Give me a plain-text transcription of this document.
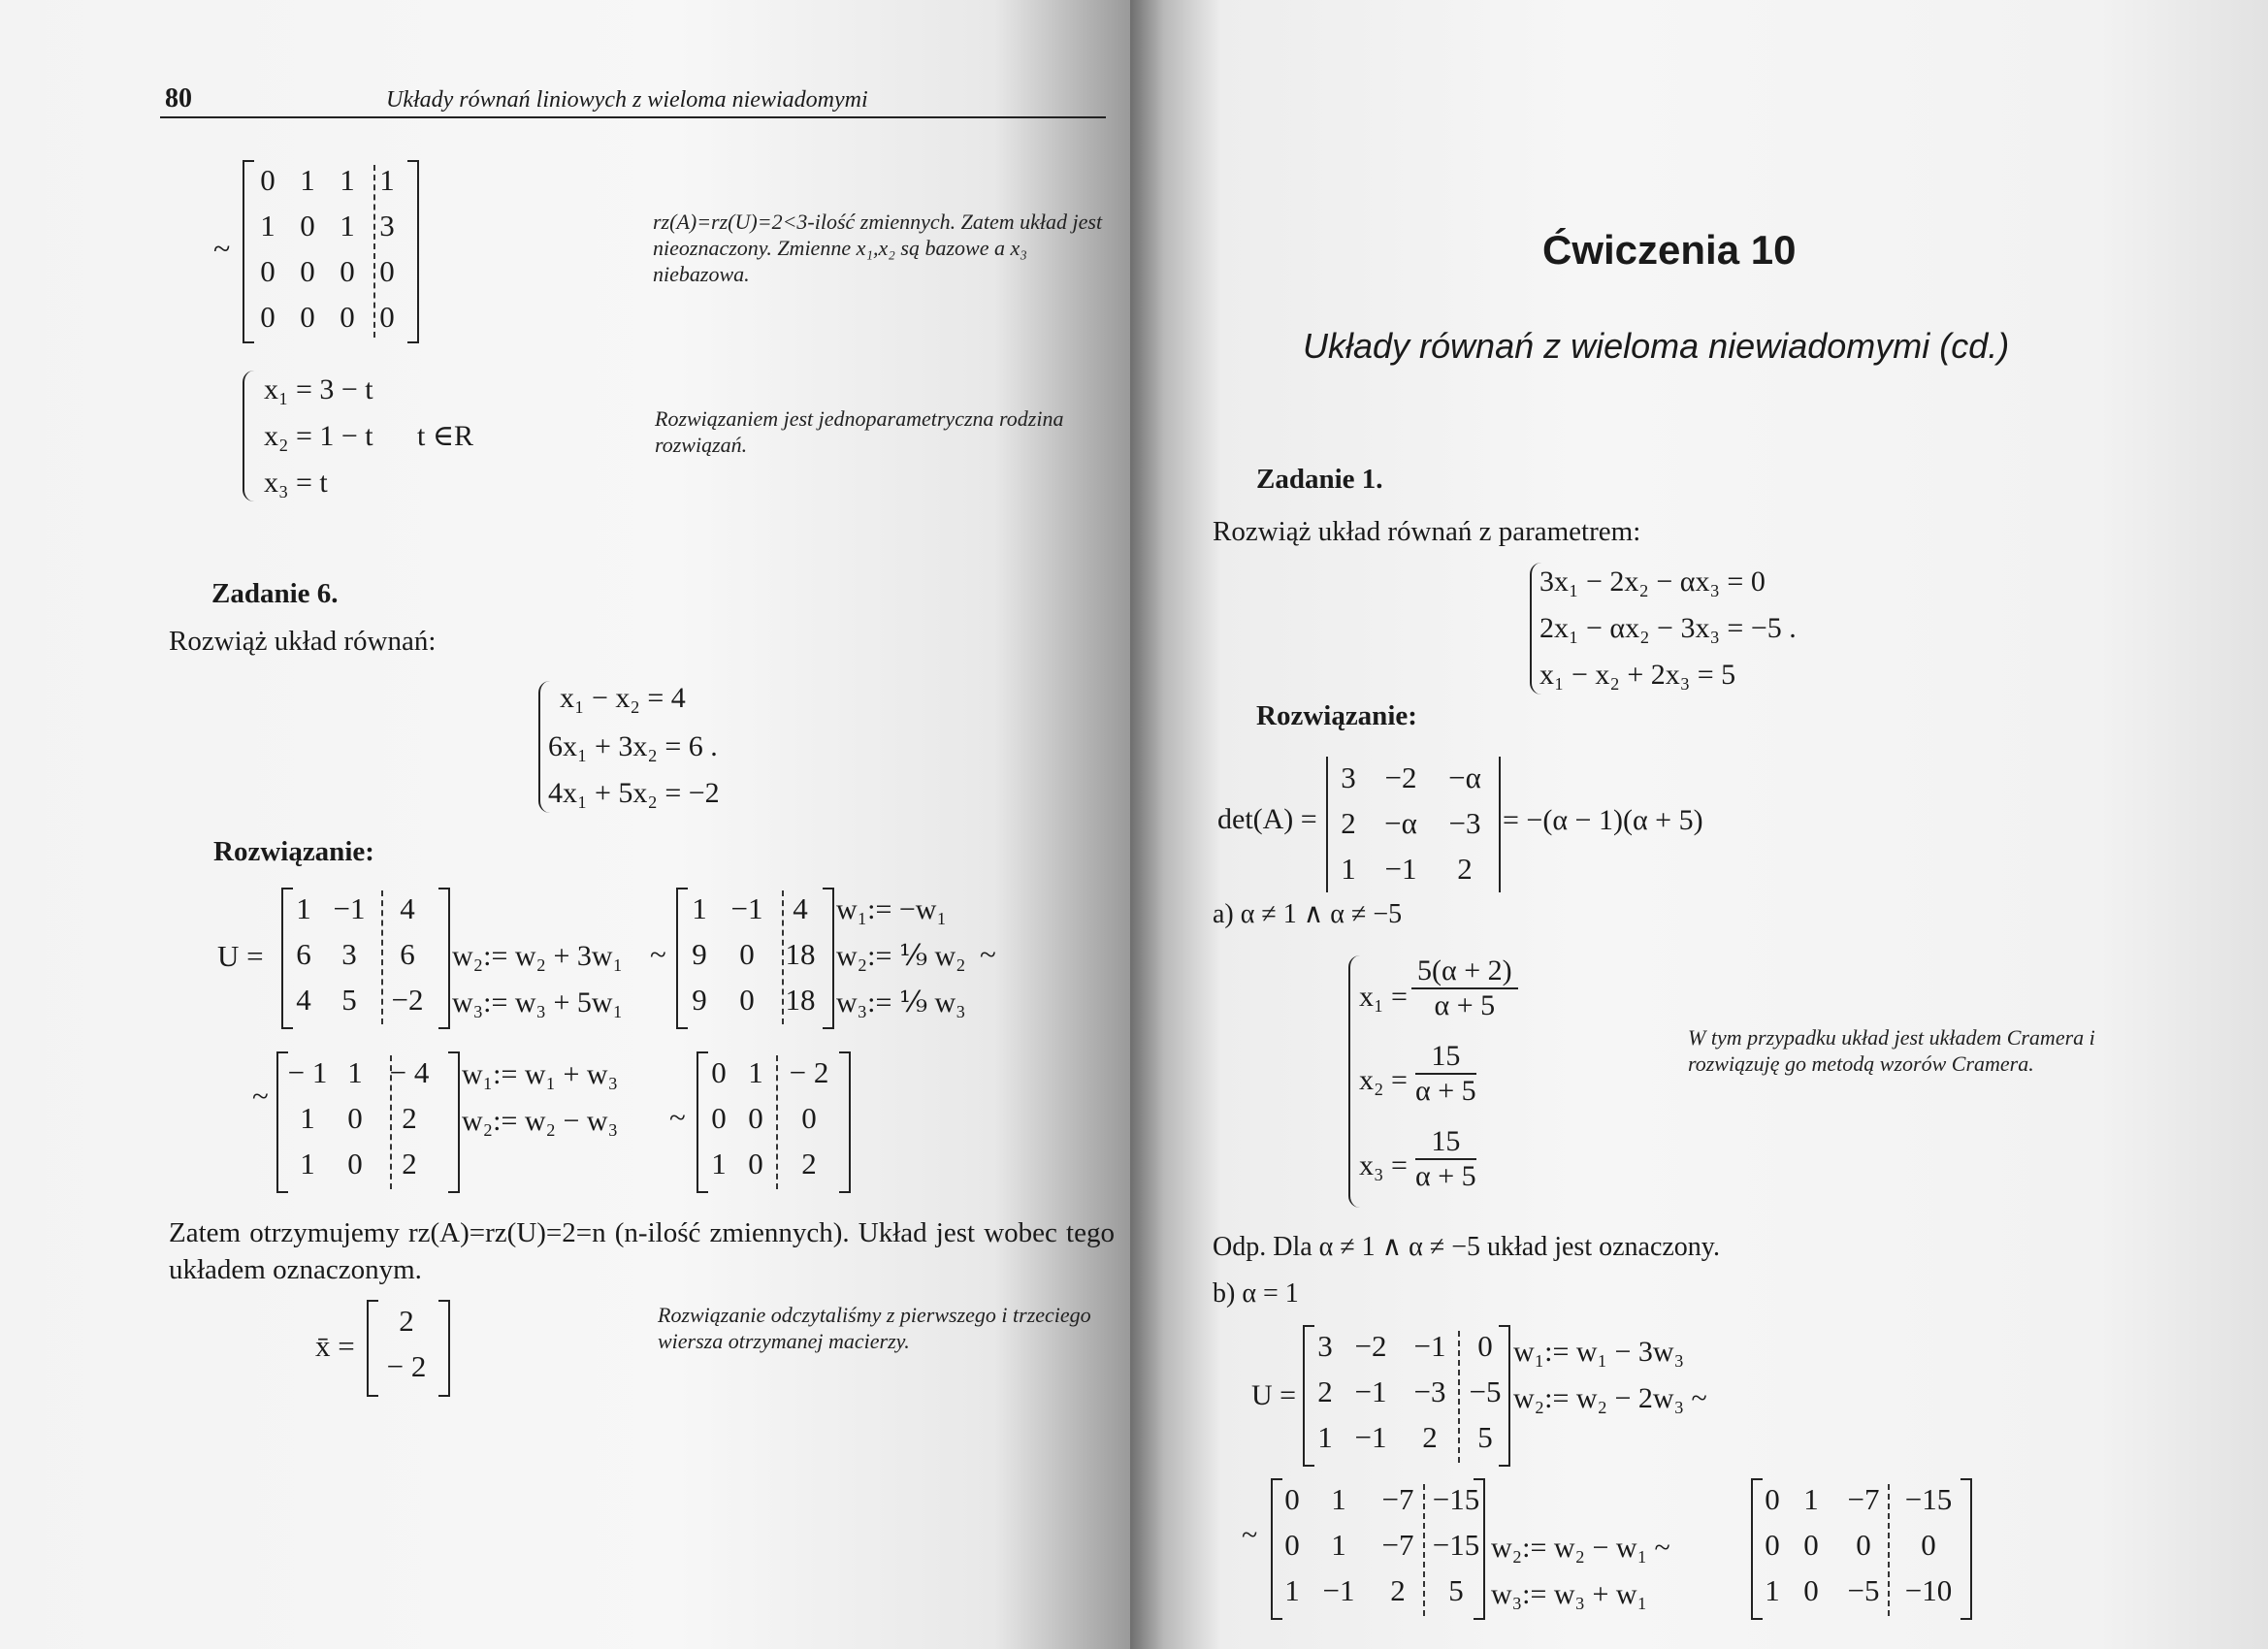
80	Układy równań liniowych z wieloma niewiadomymi
~
0 1 1 1
1 0 1 3
0 0 0 0
0 0 0 0
rz(A)=rz(U)=2<3-ilość zmiennych. Zatem układ jest nieoznaczony. Zmienne x₁,x₂ są bazowe a x₃ niebazowa.
x₁ = 3 − t
x₂ = 1 − t t ∈R
x₃ = t
Rozwiązaniem jest jednoparametryczna rodzina rozwiązań.
Zadanie 6.
Rozwiąż układ równań:
x₁ − x₂ = 4
6x₁ + 3x₂ = 6 .
4x₁ + 5x₂ = −2
Rozwiązanie:
U =
1 −1	4
6	3	6
4	5	−2
w₂:= w₂ + 3w₁
w₃:= w₃ + 5w₁
~
1 −1 4
9	0	18
9	0	18
w₁:= −w₁
w₂:= ⅑ w₂ ~
w₃:= ⅑ w₃
~
− 1 1 − 4
1	0	2
1	0	2
w₁:= w₁ + w₃
w₂:= w₂ − w₃ ~
0 1 − 2
0 0	0
1 0	2
Zatem otrzymujemy rz(A)=rz(U)=2=n (n-ilość zmiennych). Układ jest wobec tego układem oznaczonym.
x̄ =
2
− 2
Rozwiązanie odczytaliśmy z pierwszego i trzeciego wiersza otrzymanej macierzy.
Ćwiczenia 10
Układy równań z wieloma niewiadomymi (cd.)
Zadanie 1.
Rozwiąż układ równań z parametrem:
3x₁ − 2x₂ − αx₃ = 0
2x₁ − αx₂ − 3x₃ = −5 .
x₁ − x₂ + 2x₃ = 5
Rozwiązanie:
det(A) =
3 −2	−α
2 −α	−3
1 −1	2
= −(α − 1)(α + 5)
a) α ≠ 1 ∧ α ≠ −5
$x_1 = \frac{5(\alpha + 2)}{\alpha + 5}$
$x_2 = \frac{15}{\alpha + 5}$
$x_3 = \frac{15}{\alpha + 5}$
W tym przypadku układ jest układem Cramera i rozwiązuję go metodą wzorów Cramera.
Odp. Dla α ≠ 1 ∧ α ≠ −5 układ jest oznaczony.
b) α = 1
U =
3 −2 −1	0
2 −1 −3 −5
1 −1	2	5
w₁:= w₁ − 3w₃
w₂:= w₂ − 2w₃ ~
~
0	1	−7 −15
0	1	−7 −15
1 −1	2	5
w₂:= w₂ − w₁ ~
w₃:= w₃ + w₁
0 1 −7 −15
0 0	0	0
1 0 −5 −10
